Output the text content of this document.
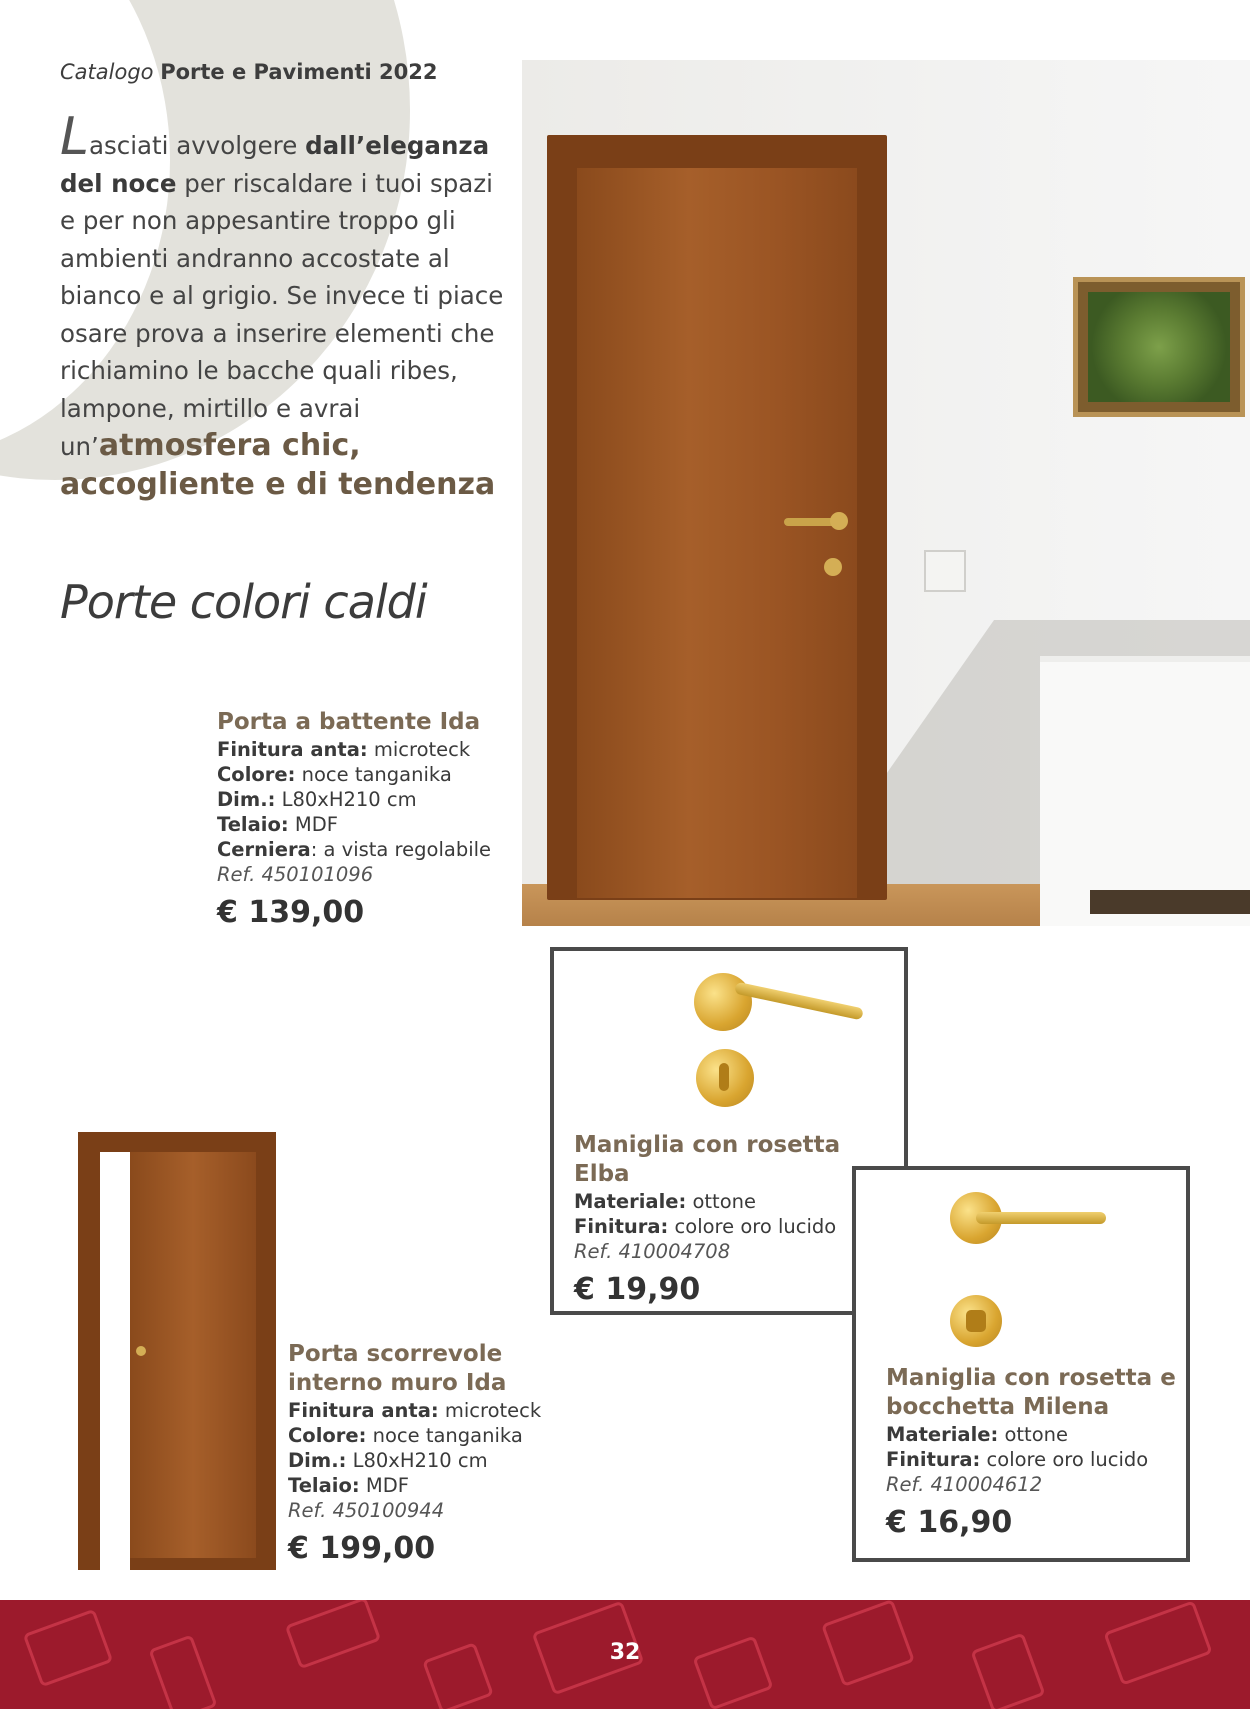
Catalogo Porte e Pavimenti 2022
Lasciati avvolgere dall’eleganza del noce per riscaldare i tuoi spazi e per non appesantire troppo gli ambienti andranno accostate al bianco e al grigio. Se invece ti piace osare prova a inserire elementi che richiamino le bacche quali ribes, lampone, mirtillo e avrai un’atmosfera chic, accogliente e di tendenza
Porte colori caldi
Porta a battente Ida
Finitura anta: microteck
Colore: noce tanganika
Dim.: L80xH210 cm
Telaio: MDF
Cerniera: a vista regolabile
Ref. 450101096
€ 139,00
Porta scorrevole interno muro Ida
Finitura anta: microteck
Colore: noce tanganika
Dim.: L80xH210 cm
Telaio: MDF
Ref. 450100944
€ 199,00
Maniglia con rosetta Elba
Materiale: ottone
Finitura: colore oro lucido
Ref. 410004708
€ 19,90
Maniglia con rosetta e bocchetta Milena
Materiale: ottone
Finitura: colore oro lucido
Ref. 410004612
€ 16,90
32
